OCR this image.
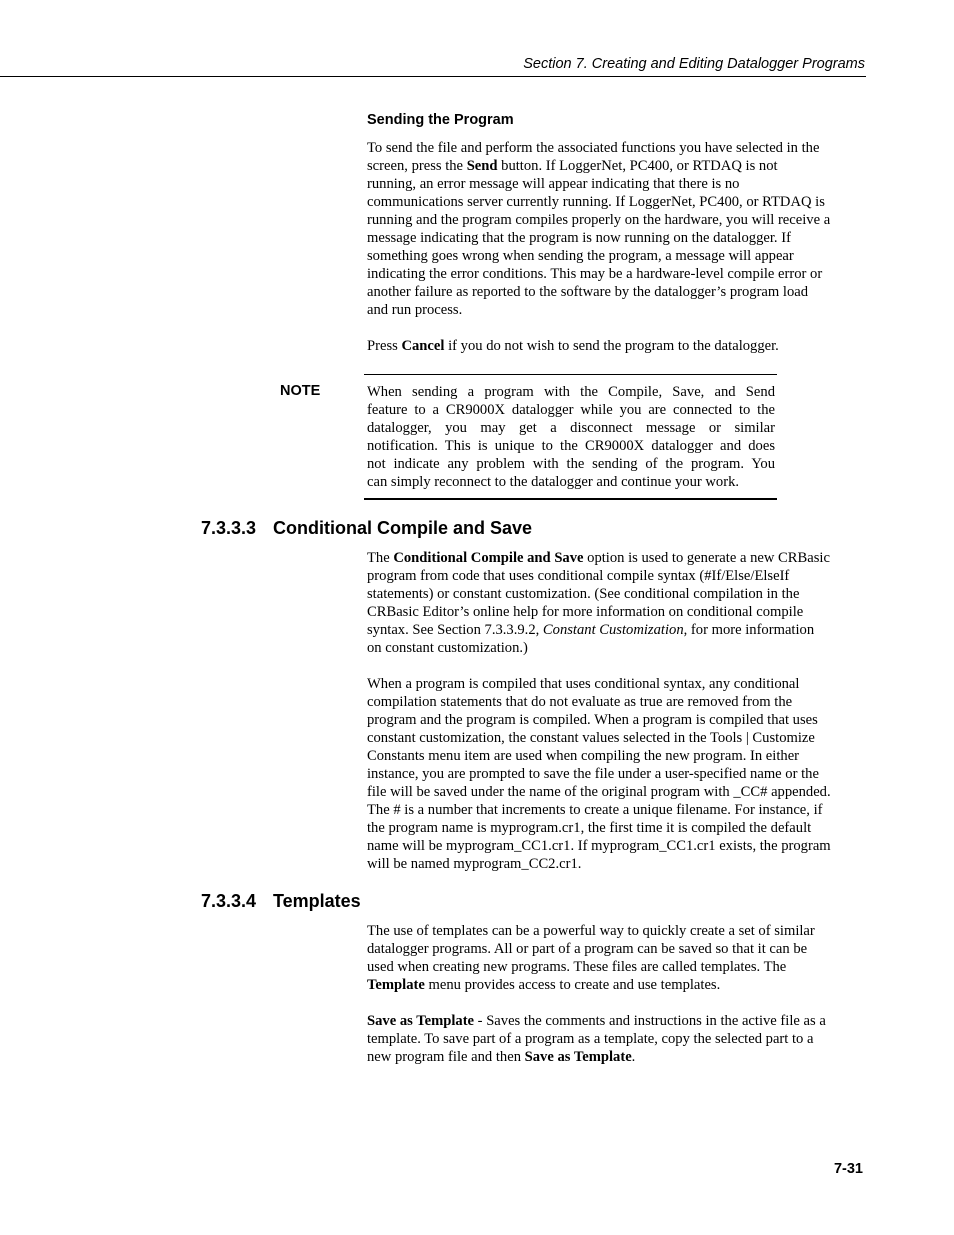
Section 7. Creating and Editing Datalogger Programs
Sending the Program
To send the file and perform the associated functions you have selected in the
screen, press the Send button. If LoggerNet, PC400, or RTDAQ is not
running, an error message will appear indicating that there is no
communications server currently running. If LoggerNet, PC400, or RTDAQ is
running and the program compiles properly on the hardware, you will receive a
message indicating that the program is now running on the datalogger. If
something goes wrong when sending the program, a message will appear
indicating the error conditions. This may be a hardware-level compile error or
another failure as reported to the software by the datalogger’s program load
and run process.
Press Cancel if you do not wish to send the program to the datalogger.
NOTE	When sending a program with the Compile, Save, and Send
feature to a CR9000X datalogger while you are connected to the
datalogger, you may get a disconnect message or similar
notification. This is unique to the CR9000X datalogger and does
not indicate any problem with the sending of the program. You
can simply reconnect to the datalogger and continue your work.
7.3.3.3 Conditional Compile and Save
The Conditional Compile and Save option is used to generate a new CRBasic
program from code that uses conditional compile syntax (#If/Else/ElseIf
statements) or constant customization. (See conditional compilation in the
CRBasic Editor’s online help for more information on conditional compile
syntax. See Section 7.3.3.9.2, Constant Customization, for more information
on constant customization.)
When a program is compiled that uses conditional syntax, any conditional
compilation statements that do not evaluate as true are removed from the
program and the program is compiled. When a program is compiled that uses
constant customization, the constant values selected in the Tools | Customize
Constants menu item are used when compiling the new program. In either
instance, you are prompted to save the file under a user-specified name or the
file will be saved under the name of the original program with _CC# appended.
The # is a number that increments to create a unique filename. For instance, if
the program name is myprogram.cr1, the first time it is compiled the default
name will be myprogram_CC1.cr1. If myprogram_CC1.cr1 exists, the program
will be named myprogram_CC2.cr1.
7.3.3.4 Templates
The use of templates can be a powerful way to quickly create a set of similar
datalogger programs. All or part of a program can be saved so that it can be
used when creating new programs. These files are called templates. The
Template menu provides access to create and use templates.
Save as Template - Saves the comments and instructions in the active file as a
template. To save part of a program as a template, copy the selected part to a
new program file and then Save as Template.
7-31
